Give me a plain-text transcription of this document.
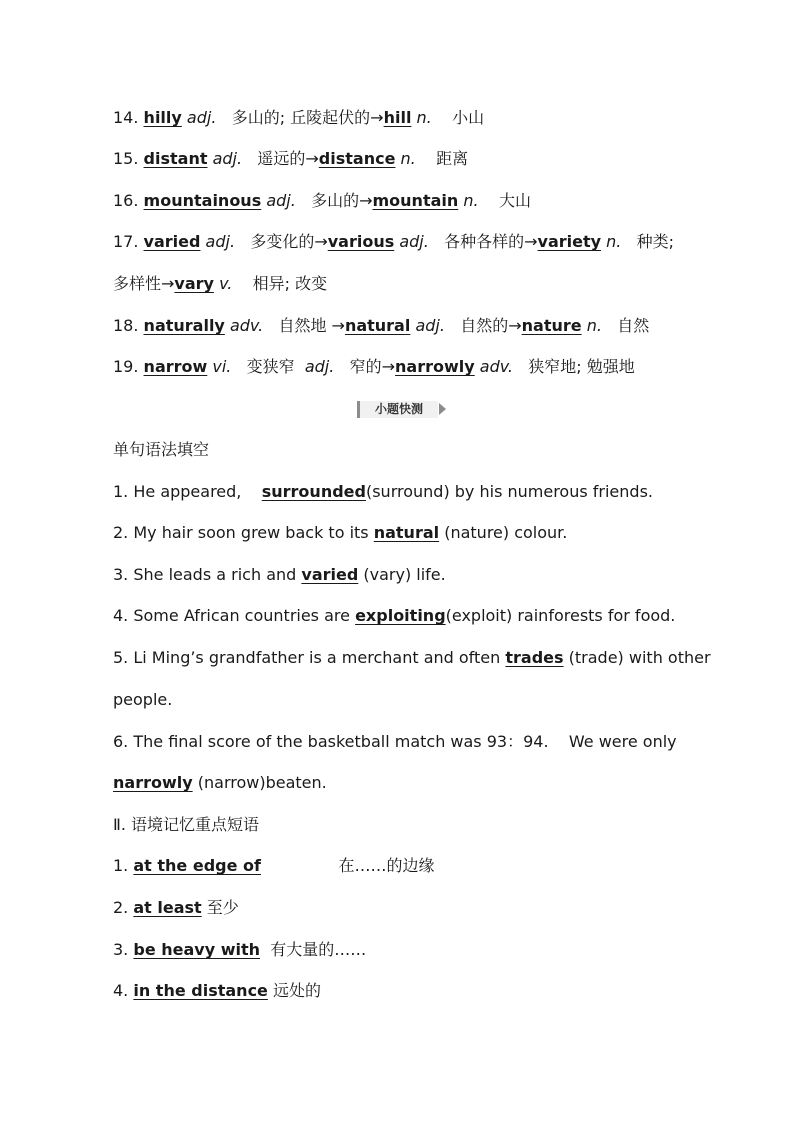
14. hilly adj. 多山的; 丘陵起伏的→hill n. 小山
15. distant adj. 遥远的→distance n. 距离
16. mountainous adj. 多山的→mountain n. 大山
17. varied adj. 多变化的→various adj. 各种各样的→variety n. 种类;
多样性→vary v. 相异; 改变
18. naturally adv. 自然地 →natural adj. 自然的→nature n. 自然
19. narrow vi. 变狭窄 adj. 窄的→narrowly adv. 狭窄地; 勉强地
小题快测
单句语法填空
1. He appeared, surrounded(surround) by his numerous friends.
2. My hair soon grew back to its natural (nature) colour.
3. She leads a rich and varied (vary) life.
4. Some African countries are exploiting(exploit) rainforests for food.
5. Li Ming’s grandfather is a merchant and often trades (trade) with other
people.
6. The final score of the basketball match was 93：94.    We were only
narrowly (narrow)beaten.
Ⅱ. 语境记忆重点短语
1. at the edge of	在……的边缘
2. at least 至少
3. be heavy with 有大量的……
4. in the distance 远处的
